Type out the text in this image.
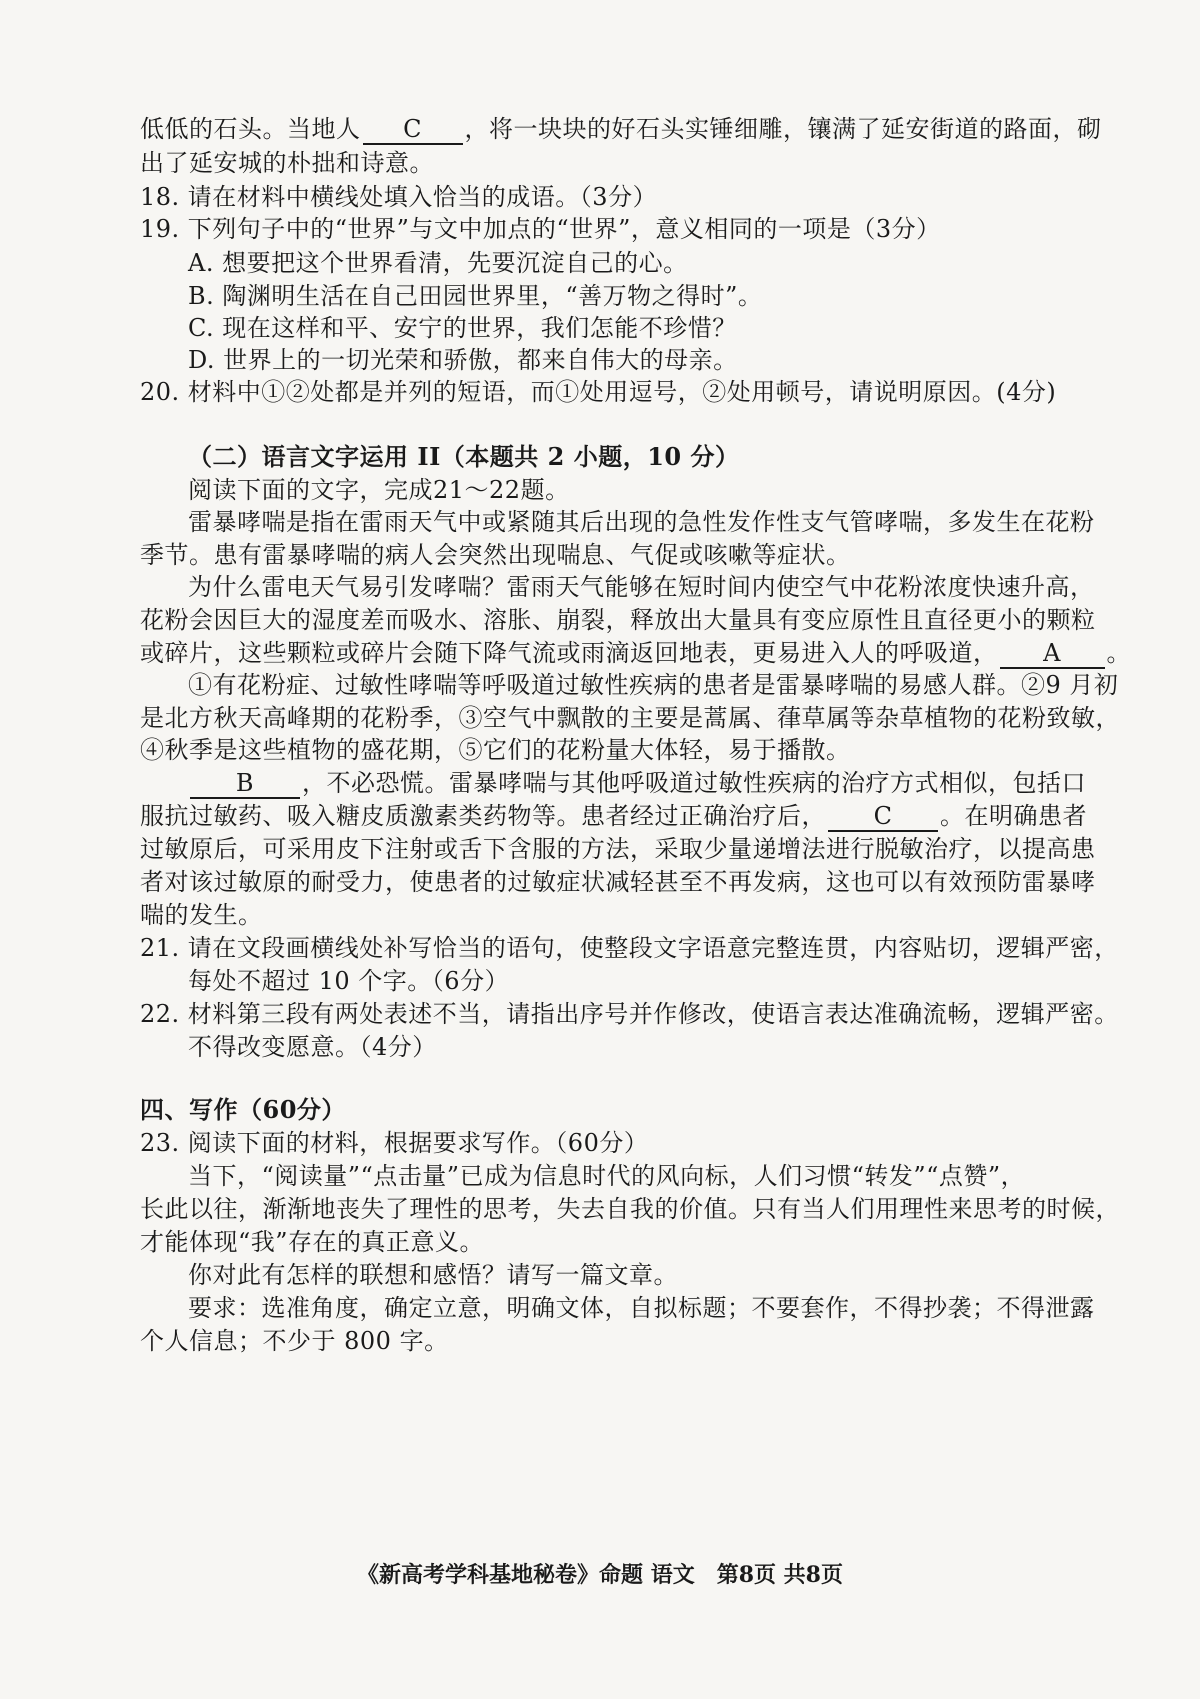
低低的石头。当地人 C ，将一块块的好石头实锤细雕，镶满了延安街道的路面，砌
出了延安城的朴拙和诗意。
18. 请在材料中横线处填入恰当的成语。（3分）
19. 下列句子中的“世界”与文中加点的“世界”，意义相同的一项是（3分）
A. 想要把这个世界看清，先要沉淀自己的心。
B. 陶渊明生活在自己田园世界里，“善万物之得时”。
C. 现在这样和平、安宁的世界，我们怎能不珍惜？
D. 世界上的一切光荣和骄傲，都来自伟大的母亲。
20. 材料中①②处都是并列的短语，而①处用逗号，②处用顿号，请说明原因。(4分)
（二）语言文字运用 II（本题共 2 小题，10 分）
阅读下面的文字，完成21～22题。
雷暴哮喘是指在雷雨天气中或紧随其后出现的急性发作性支气管哮喘，多发生在花粉
季节。患有雷暴哮喘的病人会突然出现喘息、气促或咳嗽等症状。
为什么雷电天气易引发哮喘？雷雨天气能够在短时间内使空气中花粉浓度快速升高，
花粉会因巨大的湿度差而吸水、溶胀、崩裂，释放出大量具有变应原性且直径更小的颗粒
或碎片，这些颗粒或碎片会随下降气流或雨滴返回地表，更易进入人的呼吸道， A 。
①有花粉症、过敏性哮喘等呼吸道过敏性疾病的患者是雷暴哮喘的易感人群。②9 月初
是北方秋天高峰期的花粉季，③空气中飘散的主要是蒿属、葎草属等杂草植物的花粉致敏，
④秋季是这些植物的盛花期，⑤它们的花粉量大体轻，易于播散。
B ，不必恐慌。雷暴哮喘与其他呼吸道过敏性疾病的治疗方式相似，包括口
服抗过敏药、吸入糖皮质激素类药物等。患者经过正确治疗后， C 。在明确患者
过敏原后，可采用皮下注射或舌下含服的方法，采取少量递增法进行脱敏治疗，以提高患
者对该过敏原的耐受力，使患者的过敏症状减轻甚至不再发病，这也可以有效预防雷暴哮
喘的发生。
21. 请在文段画横线处补写恰当的语句，使整段文字语意完整连贯，内容贴切，逻辑严密，
每处不超过 10 个字。（6分）
22. 材料第三段有两处表述不当，请指出序号并作修改，使语言表达准确流畅，逻辑严密。
不得改变愿意。（4分）
四、写作（60分）
23. 阅读下面的材料，根据要求写作。（60分）
当下，“阅读量”“点击量”已成为信息时代的风向标，人们习惯“转发”“点赞”，
长此以往，渐渐地丧失了理性的思考，失去自我的价值。只有当人们用理性来思考的时候，
才能体现“我”存在的真正意义。
你对此有怎样的联想和感悟？请写一篇文章。
要求：选准角度，确定立意，明确文体，自拟标题；不要套作，不得抄袭；不得泄露
个人信息；不少于 800 字。
《新高考学科基地秘卷》命题 语文　第8页 共8页
